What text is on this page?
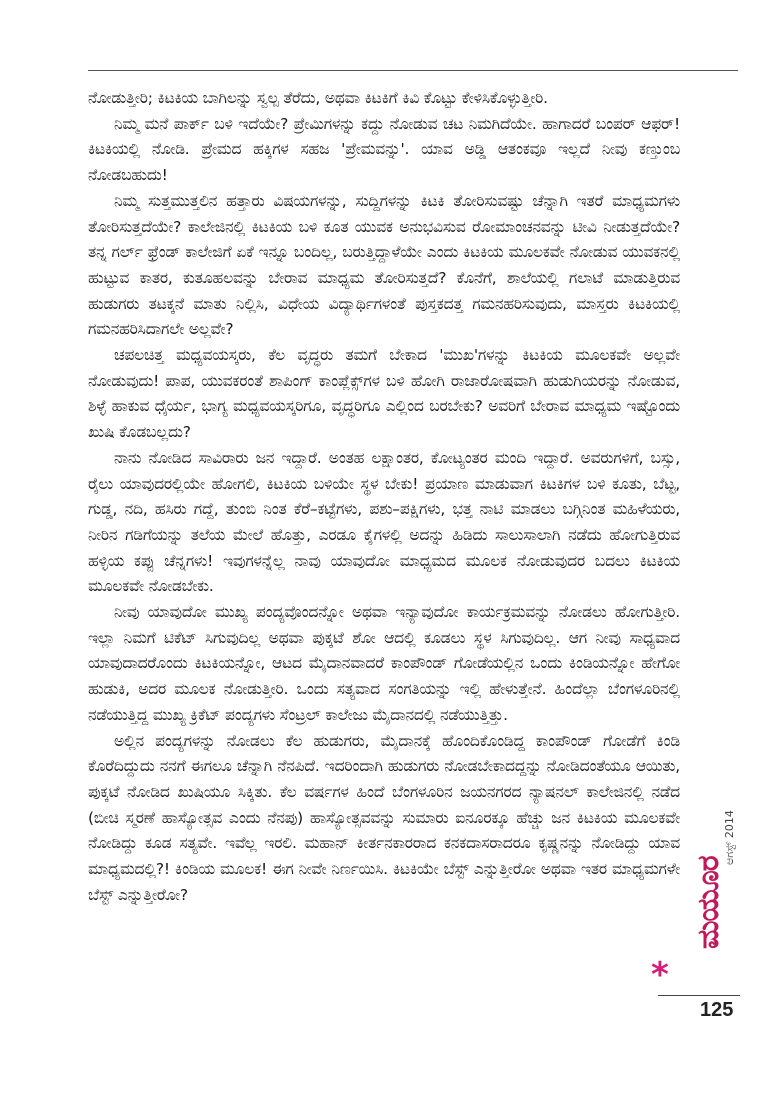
ನೋಡುತ್ತೀರಿ; ಕಿಟಕಿಯ ಬಾಗಿಲನ್ನು ಸ್ವಲ್ಪ ತೆರೆದು, ಅಥವಾ ಕಿಟಕಿಗೆ ಕಿವಿ ಕೊಟ್ಟು ಕೇಳಿಸಿಕೊಳ್ಳುತ್ತೀರಿ.

ನಿಮ್ಮ ಮನೆ ಪಾರ್ಕ್ ಬಳಿ ಇದೆಯೇ? ಪ್ರೇಮಿಗಳನ್ನು ಕದ್ದು ನೋಡುವ ಚಟ ನಿಮಗಿದೆಯೇ. ಹಾಗಾದರೆ ಬಂಪರ್ ಆಫರ್! ಕಿಟಕಿಯಲ್ಲಿ ನೋಡಿ. ಪ್ರೇಮದ ಹಕ್ಕಿಗಳ ಸಹಜ 'ಪ್ರೇಮವನ್ನು'. ಯಾವ ಅಡ್ಡಿ ಆತಂಕವೂ ಇಲ್ಲದೆ ನೀವು ಕಣ್ತುಂಬ ನೋಡಬಹುದು!

ನಿಮ್ಮ ಸುತ್ತಮುತ್ತಲಿನ ಹತ್ತಾರು ವಿಷಯಗಳನ್ನು, ಸುದ್ದಿಗಳನ್ನು ಕಿಟಕಿ ತೋರಿಸುವಷ್ಟು ಚೆನ್ನಾಗಿ ಇತರೆ ಮಾಧ್ಯಮಗಳು ತೋರಿಸುತ್ತದೆಯೇ? ಕಾಲೇಜಿನಲ್ಲಿ ಕಿಟಕಿಯ ಬಳಿ ಕೂತ ಯುವಕ ಅನುಭವಿಸುವ ರೋಮಾಂಚನವನ್ನು ಟೀವಿ ನೀಡುತ್ತದೆಯೇ? ತನ್ನ ಗರ್ಲ್ ಫ್ರೆಂಡ್ ಕಾಲೇಜಿಗೆ ಏಕೆ ಇನ್ನೂ ಬಂದಿಲ್ಲ, ಬರುತ್ತಿದ್ದಾಳೆಯೇ ಎಂದು ಕಿಟಕಿಯ ಮೂಲಕವೇ ನೋಡುವ ಯುವಕನಲ್ಲಿ ಹುಟ್ಟುವ ಕಾತರ, ಕುತೂಹಲವನ್ನು ಬೇರಾವ ಮಾಧ್ಯಮ ತೋರಿಸುತ್ತದೆ? ಕೊನೆಗೆ, ಶಾಲೆಯಲ್ಲಿ ಗಲಾಟೆ ಮಾಡುತ್ತಿರುವ ಹುಡುಗರು ತಟಕ್ಕನೆ ಮಾತು ನಿಲ್ಲಿಸಿ, ವಿಧೇಯ ವಿದ್ಯಾರ್ಥಿಗಳಂತೆ ಪುಸ್ತಕದತ್ತ ಗಮನಹರಿಸುವುದು, ಮಾಸ್ತರು ಕಿಟಕಿಯಲ್ಲಿ ಗಮನಹರಿಸಿದಾಗಲೇ ಅಲ್ಲವೇ?

ಚಪಲಚಿತ್ತ ಮಧ್ಯವಯಸ್ಕರು, ಕೆಲ ವೃದ್ಧರು ತಮಗೆ ಬೇಕಾದ 'ಮುಖ'ಗಳನ್ನು ಕಿಟಕಿಯ ಮೂಲಕವೇ ಅಲ್ಲವೇ ನೋಡುವುದು! ಪಾಪ, ಯುವಕರಂತೆ ಶಾಪಿಂಗ್ ಕಾಂಪ್ಲೆಕ್ಸ್‌ಗಳ ಬಳಿ ಹೋಗಿ ರಾಜಾರೋಷವಾಗಿ ಹುಡುಗಿಯರನ್ನು ನೋಡುವ, ಶಿಳ್ಳೆ ಹಾಕುವ ಧೈರ್ಯ, ಭಾಗ್ಯ ಮಧ್ಯವಯಸ್ಕರಿಗೂ, ವೃದ್ಧರಿಗೂ ಎಲ್ಲಿಂದ ಬರಬೇಕು? ಅವರಿಗೆ ಬೇರಾವ ಮಾಧ್ಯಮ ಇಷ್ಟೊಂದು ಖುಷಿ ಕೊಡಬಲ್ಲದು?

ನಾನು ನೋಡಿದ ಸಾವಿರಾರು ಜನ ಇದ್ದಾರೆ. ಅಂತಹ ಲಕ್ಷಾಂತರ, ಕೋಟ್ಯಂತರ ಮಂದಿ ಇದ್ದಾರೆ. ಅವರುಗಳಿಗೆ, ಬಸ್ಸು, ರೈಲು ಯಾವುದರಲ್ಲಿಯೇ ಹೋಗಲಿ, ಕಿಟಕಿಯ ಬಳಿಯೇ ಸ್ಥಳ ಬೇಕು! ಪ್ರಯಾಣ ಮಾಡುವಾಗ ಕಿಟಕಿಗಳ ಬಳಿ ಕೂತು, ಬೆಟ್ಟ, ಗುಡ್ಡ, ನದಿ, ಹಸಿರು ಗದ್ದೆ, ತುಂಬಿ ನಿಂತ ಕೆರೆ–ಕಟ್ಟೆಗಳು, ಪಶು–ಪಕ್ಷಿಗಳು, ಭತ್ತ ನಾಟಿ ಮಾಡಲು ಬಗ್ಗಿನಿಂತ ಮಹಿಳೆಯರು, ನೀರಿನ ಗಡಿಗೆಯನ್ನು ತಲೆಯ ಮೇಲೆ ಹೊತ್ತು, ಎರಡೂ ಕೈಗಳಲ್ಲಿ ಅದನ್ನು ಹಿಡಿದು ಸಾಲುಸಾಲಾಗಿ ನಡೆದು ಹೋಗುತ್ತಿರುವ ಹಳ್ಳಿಯ ಕಪ್ಪು ಚೆನ್ನಗಳು! ಇವುಗಳನ್ನೆಲ್ಲ ನಾವು ಯಾವುದೋ ಮಾಧ್ಯಮದ ಮೂಲಕ ನೋಡುವುದರ ಬದಲು ಕಿಟಕಿಯ ಮೂಲಕವೇ ನೋಡಬೇಕು.

ನೀವು ಯಾವುದೋ ಮುಖ್ಯ ಪಂದ್ಯವೊಂದನ್ನೋ ಅಥವಾ ಇನ್ಯಾವುದೋ ಕಾರ್ಯಕ್ರಮವನ್ನು ನೋಡಲು ಹೋಗುತ್ತೀರಿ. ಇಲ್ಲಾ ನಿಮಗೆ ಟಿಕೆಟ್ ಸಿಗುವುದಿಲ್ಲ ಅಥವಾ ಪುಕ್ಕಟೆ ಶೋ ಆದಲ್ಲಿ ಕೂಡಲು ಸ್ಥಳ ಸಿಗುವುದಿಲ್ಲ. ಆಗ ನೀವು ಸಾಧ್ಯವಾದ ಯಾವುದಾದರೊಂದು ಕಿಟಕಿಯನ್ನೋ, ಆಟದ ಮೈದಾನವಾದರೆ ಕಾಂಪೌಂಡ್ ಗೋಡೆಯಲ್ಲಿನ ಒಂದು ಕಿಂಡಿಯನ್ನೋ ಹೇಗೋ ಹುಡುಕಿ, ಅದರ ಮೂಲಕ ನೋಡುತ್ತೀರಿ. ಒಂದು ಸತ್ಯವಾದ ಸಂಗತಿಯನ್ನು ಇಲ್ಲಿ ಹೇಳುತ್ತೇನೆ. ಹಿಂದೆಲ್ಲಾ ಬೆಂಗಳೂರಿನಲ್ಲಿ ನಡೆಯುತ್ತಿದ್ದ ಮುಖ್ಯ ಕ್ರಿಕೆಟ್ ಪಂದ್ಯಗಳು ಸೆಂಟ್ರಲ್ ಕಾಲೇಜು ಮೈದಾನದಲ್ಲಿ ನಡೆಯುತ್ತಿತ್ತು.

ಅಲ್ಲಿನ ಪಂದ್ಯಗಳನ್ನು ನೋಡಲು ಕೆಲ ಹುಡುಗರು, ಮೈದಾನಕ್ಕೆ ಹೊಂದಿಕೊಂಡಿದ್ದ ಕಾಂಪೌಂಡ್ ಗೋಡೆಗೆ ಕಿಂಡಿ ಕೊರೆದಿದ್ದುದು ನನಗೆ ಈಗಲೂ ಚೆನ್ನಾಗಿ ನೆನಪಿದೆ. ಇದರಿಂದಾಗಿ ಹುಡುಗರು ನೋಡಬೇಕಾದದ್ದನ್ನು ನೋಡಿದಂತೆಯೂ ಆಯಿತು, ಪುಕ್ಕಟೆ ನೋಡಿದ ಖುಷಿಯೂ ಸಿಕ್ಕಿತು. ಕೆಲ ವರ್ಷಗಳ ಹಿಂದೆ ಬೆಂಗಳೂರಿನ ಜಯನಗರದ ನ್ಯಾಷನಲ್ ಕಾಲೇಜಿನಲ್ಲಿ ನಡೆದ (ಬೀಚಿ ಸ್ಮರಣೆ ಹಾಸ್ಯೋತ್ಸವ ಎಂದು ನೆನಪು) ಹಾಸ್ಯೋತ್ಸವವನ್ನು ಸುಮಾರು ಐನೂರಕ್ಕೂ ಹೆಚ್ಚು ಜನ ಕಿಟಕಿಯ ಮೂಲಕವೇ ನೋಡಿದ್ದು ಕೂಡ ಸತ್ಯವೇ. ಇವೆಲ್ಲ ಇರಲಿ. ಮಹಾನ್ ಕೀರ್ತನಕಾರರಾದ ಕನಕದಾಸರಾದರೂ ಕೃಷ್ಣನನ್ನು ನೋಡಿದ್ದು ಯಾವ ಮಾಧ್ಯಮದಲ್ಲಿ?! ಕಿಂಡಿಯ ಮೂಲಕ! ಈಗ ನೀವೇ ನಿರ್ಣಯಿಸಿ. ಕಿಟಕಿಯೇ ಬೆಸ್ಟ್ ಎನ್ನುತ್ತೀರೋ ಅಥವಾ ಇತರ ಮಾಧ್ಯಮಗಳೇ ಬೆಸ್ಟ್ ಎನ್ನುತ್ತೀರೋ?

ಆಗಸ್ಟ್ 2014
ಮಯೂರ
*
125
